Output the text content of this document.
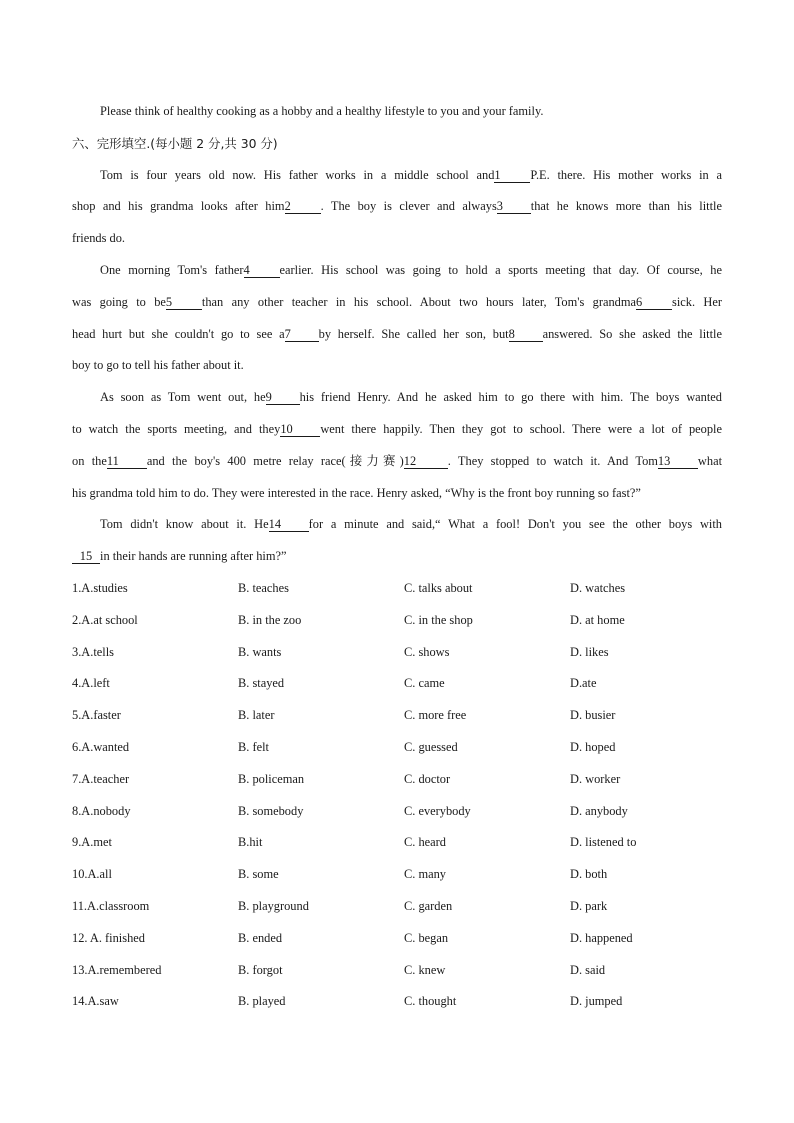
Please think of healthy cooking as a hobby and a healthy lifestyle to you and your family.
六、完形填空.(每小题 2 分,共 30 分)
Tom is four years old now. His father works in a middle school and1 P.E. there. His mother works in a
shop and his grandma looks after him2 . The boy is clever and always3 that he knows more than his little
friends do.
One morning Tom's father4 earlier. His school was going to hold a sports meeting that day. Of course, he
was going to be5 than any other teacher in his school. About two hours later, Tom's grandma6 sick. Her
head hurt but she couldn't go to see a7 by herself. She called her son, but8 answered. So she asked the little
boy to go to tell his father about it.
As soon as Tom went out, he9 his friend Henry. And he asked him to go there with him. The boys wanted
to watch the sports meeting, and they10 went there happily. Then they got to school. There were a lot of people
on the11 and the boy's 400 metre relay race(接力赛)12	. They stopped to watch it. And Tom13 what
his grandma told him to do. They were interested in the race. Henry asked, “Why is the front boy running so fast?”
Tom didn't know about it. He14 for a minute and said,“ What a fool! Don't you see the other boys with
15 in their hands are running after him?”
1.A.studies	B. teaches	C. talks about	D. watches
2.A.at school	B. in the zoo	C. in the shop	D. at home
3.A.tells	B. wants	C. shows	D. likes
4.A.left	B. stayed	C. came	D.ate
5.A.faster	B. later	C. more free	D. busier
6.A.wanted	B. felt	C. guessed	D. hoped
7.A.teacher	B. policeman	C. doctor	D. worker
8.A.nobody	B. somebody	C. everybody	D. anybody
9.A.met	B.hit	C. heard	D. listened to
10.A.all	B. some	C. many	D. both
11.A.classroom	B. playground	C. garden	D. park
12. A. finished	B. ended	C. began	D. happened
13.A.remembered	B. forgot	C. knew	D. said
14.A.saw	B. played	C. thought	D. jumped
